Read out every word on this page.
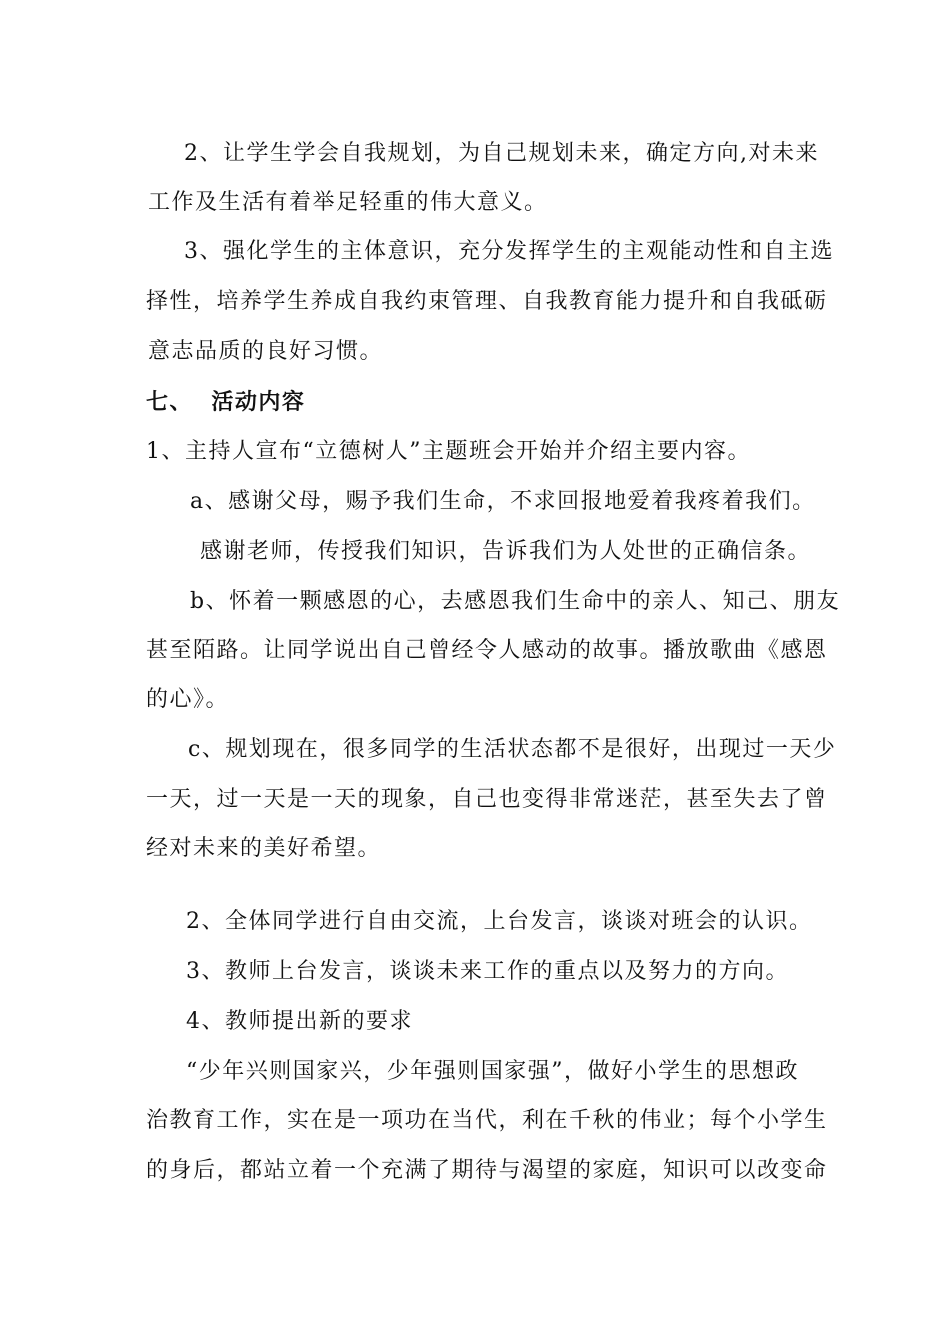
2、让学生学会自我规划，为自己规划未来，确定方向,对未来
工作及生活有着举足轻重的伟大意义。
3、强化学生的主体意识，充分发挥学生的主观能动性和自主选
择性，培养学生养成自我约束管理、自我教育能力提升和自我砥砺
意志品质的良好习惯。
七、  活动内容
1、主持人宣布“立德树人”主题班会开始并介绍主要内容。
a、感谢父母，赐予我们生命，不求回报地爱着我疼着我们。
感谢老师，传授我们知识，告诉我们为人处世的正确信条。
b、怀着一颗感恩的心，去感恩我们生命中的亲人、知己、朋友
甚至陌路。让同学说出自己曾经令人感动的故事。播放歌曲《感恩
的心》。
c、规划现在，很多同学的生活状态都不是很好，出现过一天少
一天，过一天是一天的现象，自己也变得非常迷茫，甚至失去了曾
经对未来的美好希望。
2、全体同学进行自由交流，上台发言，谈谈对班会的认识。
3、教师上台发言，谈谈未来工作的重点以及努力的方向。
4、教师提出新的要求
“少年兴则国家兴，少年强则国家强”，做好小学生的思想政
治教育工作，实在是一项功在当代，利在千秋的伟业；每个小学生
的身后，都站立着一个充满了期待与渴望的家庭，知识可以改变命
